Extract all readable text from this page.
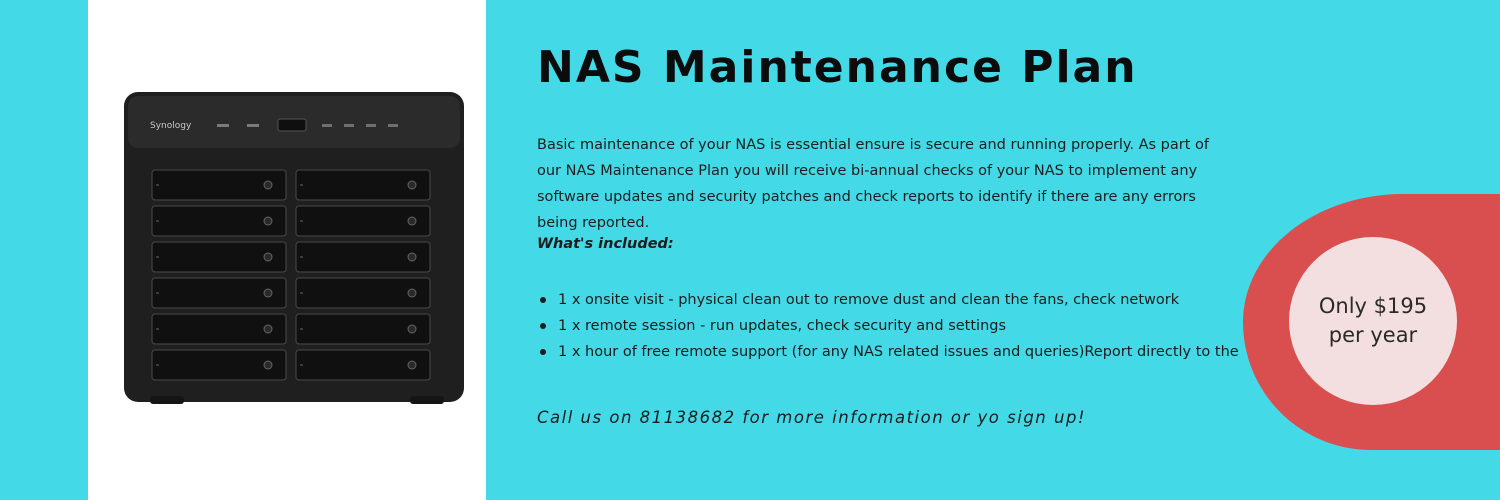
Synology
NAS Maintenance Plan
Basic maintenance of your NAS is essential ensure is secure and running properly. As part of our NAS Maintenance Plan you will receive bi-annual checks of your NAS to implement any software updates and security patches and check reports to identify if there are any errors being reported.
What's included:
1 x onsite visit - physical clean out to remove dust and clean the fans, check network
1 x remote session - run updates, check security and settings
1 x hour of free remote support (for any NAS related issues and queries)Report directly to the
Call us on 81138682 for more information or yo sign up!
Only $195
per year
